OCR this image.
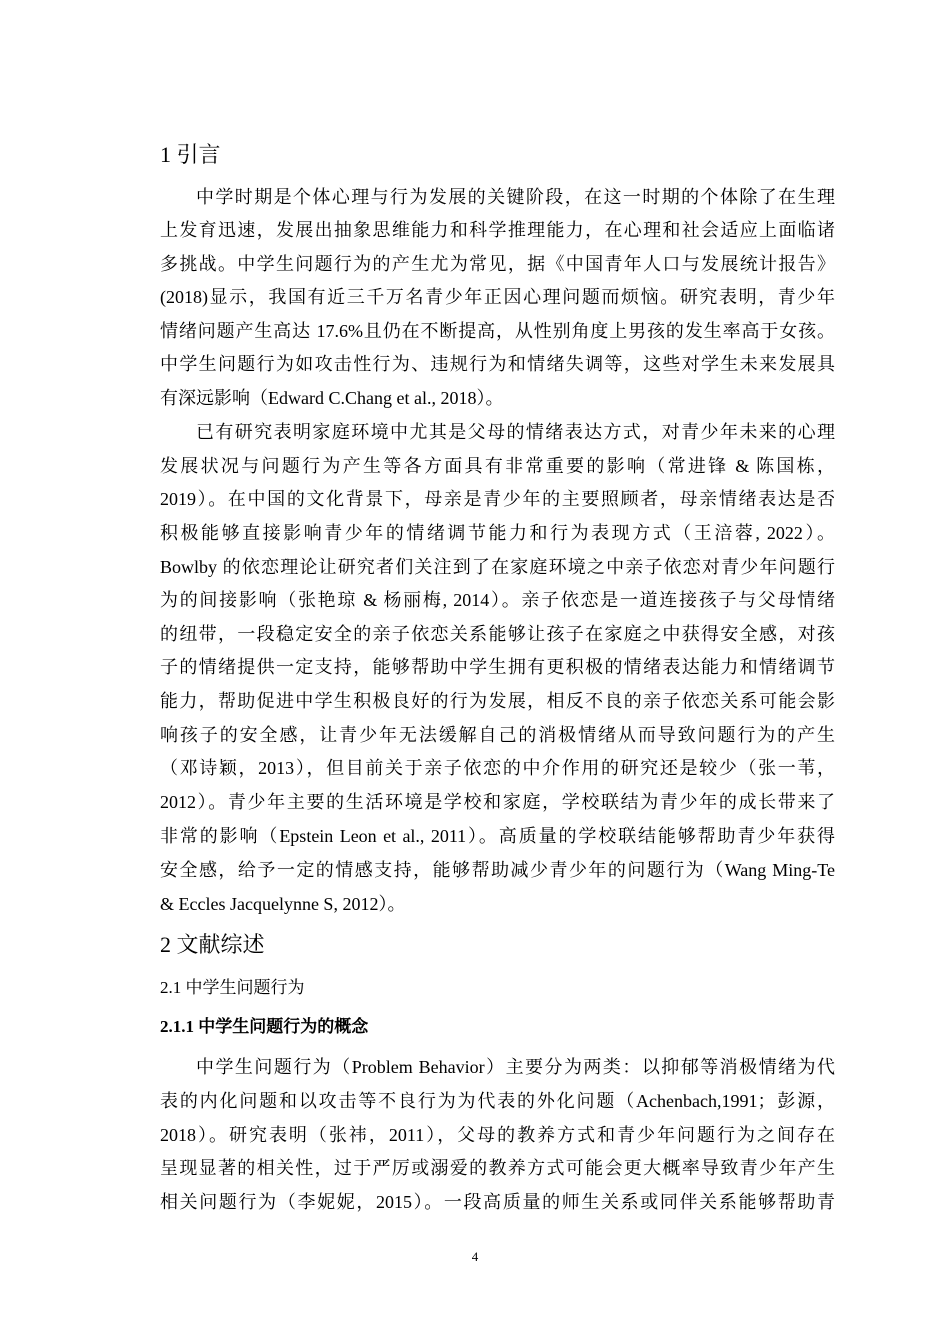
1 引言
中学时期是个体心理与行为发展的关键阶段，在这一时期的个体除了在生理
上发育迅速，发展出抽象思维能力和科学推理能力，在心理和社会适应上面临诸
多挑战。中学生问题行为的产生尤为常见，据《中国青年人口与发展统计报告》
(2018)显示，我国有近三千万名青少年正因心理问题而烦恼。研究表明，青少年
情绪问题产生高达 17.6%且仍在不断提高，从性别角度上男孩的发生率高于女孩。
中学生问题行为如攻击性行为、违规行为和情绪失调等，这些对学生未来发展具
有深远影响（Edward C.Chang et al., 2018）。
已有研究表明家庭环境中尤其是父母的情绪表达方式，对青少年未来的心理
发展状况与问题行为产生等各方面具有非常重要的影响（常进锋 & 陈国栋，
2019）。在中国的文化背景下，母亲是青少年的主要照顾者，母亲情绪表达是否
积极能够直接影响青少年的情绪调节能力和行为表现方式（王涪蓉, 2022）。
Bowlby 的依恋理论让研究者们关注到了在家庭环境之中亲子依恋对青少年问题行
为的间接影响（张艳琼 & 杨丽梅, 2014）。亲子依恋是一道连接孩子与父母情绪
的纽带，一段稳定安全的亲子依恋关系能够让孩子在家庭之中获得安全感，对孩
子的情绪提供一定支持，能够帮助中学生拥有更积极的情绪表达能力和情绪调节
能力，帮助促进中学生积极良好的行为发展，相反不良的亲子依恋关系可能会影
响孩子的安全感，让青少年无法缓解自己的消极情绪从而导致问题行为的产生
（邓诗颖，2013），但目前关于亲子依恋的中介作用的研究还是较少（张一苇，
2012）。青少年主要的生活环境是学校和家庭，学校联结为青少年的成长带来了
非常的影响（Epstein Leon et al., 2011）。高质量的学校联结能够帮助青少年获得
安全感，给予一定的情感支持，能够帮助减少青少年的问题行为（Wang Ming-Te
& Eccles Jacquelynne S, 2012）。
2 文献综述
2.1 中学生问题行为
2.1.1 中学生问题行为的概念
中学生问题行为（Problem Behavior）主要分为两类：以抑郁等消极情绪为代
表的内化问题和以攻击等不良行为为代表的外化问题（Achenbach,1991；彭源，
2018）。研究表明（张祎，2011），父母的教养方式和青少年问题行为之间存在
呈现显著的相关性，过于严厉或溺爱的教养方式可能会更大概率导致青少年产生
相关问题行为（李妮妮，2015）。一段高质量的师生关系或同伴关系能够帮助青
4
